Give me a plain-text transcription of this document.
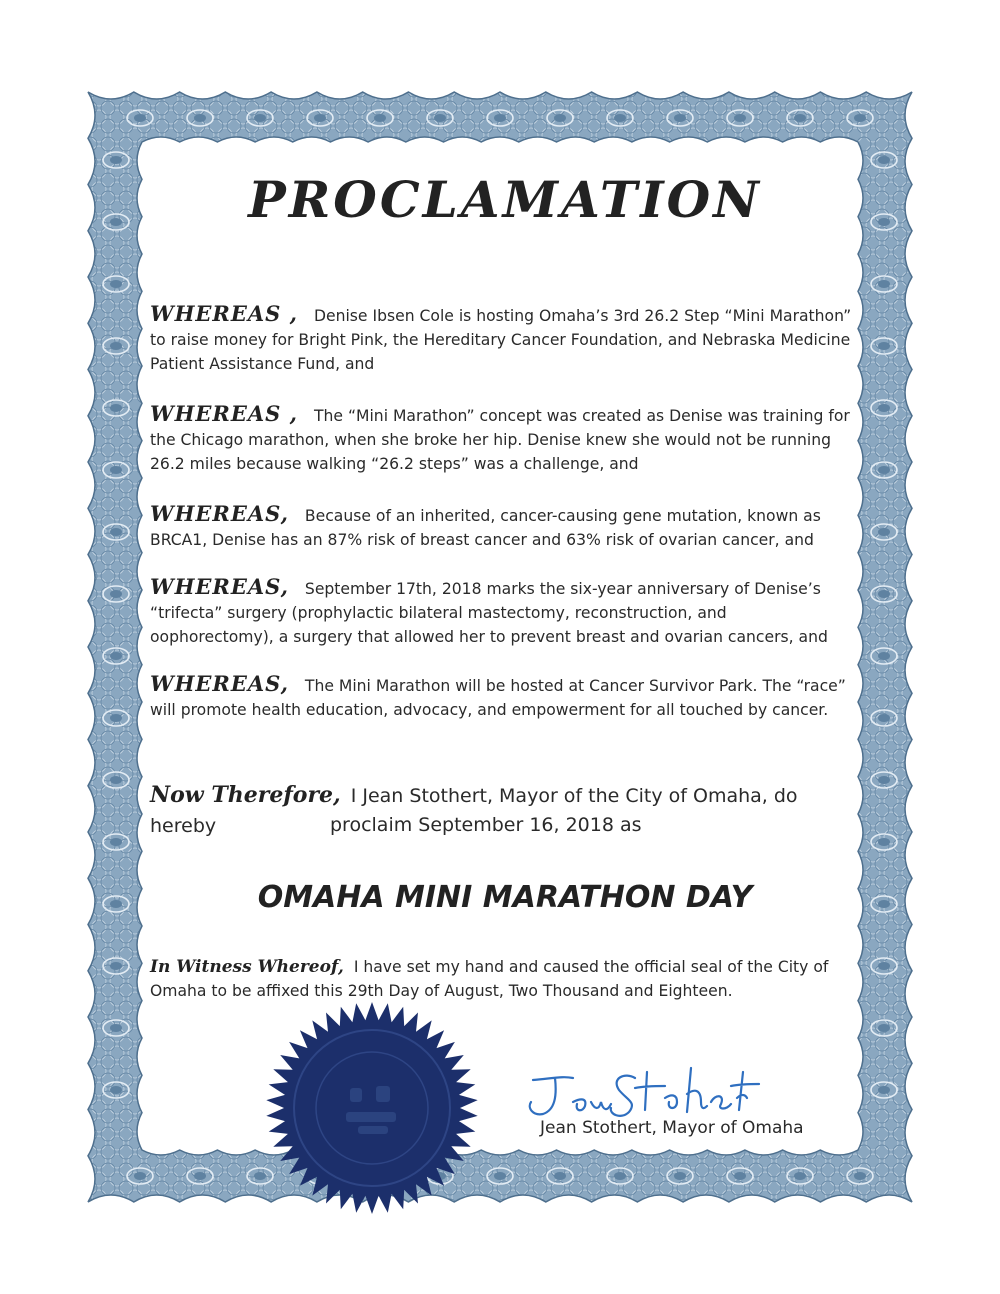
PROCLAMATION

WHEREAS , Denise Ibsen Cole is hosting Omaha’s 3rd 26.2 Step “Mini Marathon” to raise money for Bright Pink, the Hereditary Cancer Foundation, and Nebraska Medicine Patient Assistance Fund, and

WHEREAS , The “Mini Marathon” concept was created as Denise was training for the Chicago marathon, when she broke her hip. Denise knew she would not be running 26.2 miles because walking “26.2 steps” was a challenge, and

WHEREAS, Because of an inherited, cancer-causing gene mutation, known as BRCA1, Denise has an 87% risk of breast cancer and 63% risk of ovarian cancer, and

WHEREAS, September 17th, 2018 marks the six-year anniversary of Denise’s “trifecta” surgery (prophylactic bilateral mastectomy, reconstruction, and oophorectomy), a surgery that allowed her to prevent breast and ovarian cancers, and

WHEREAS, The Mini Marathon will be hosted at Cancer Survivor Park. The “race” will promote health education, advocacy, and empowerment for all touched by cancer.

Now Therefore, I Jean Stothert, Mayor of the City of Omaha, do hereby	proclaim September 16, 2018 as
OMAHA MINI MARATHON DAY
In Witness Whereof, I have set my hand and caused the official seal of the City of Omaha to be affixed this 29th Day of August, Two Thousand and Eighteen.
Jean Stothert, Mayor of Omaha
